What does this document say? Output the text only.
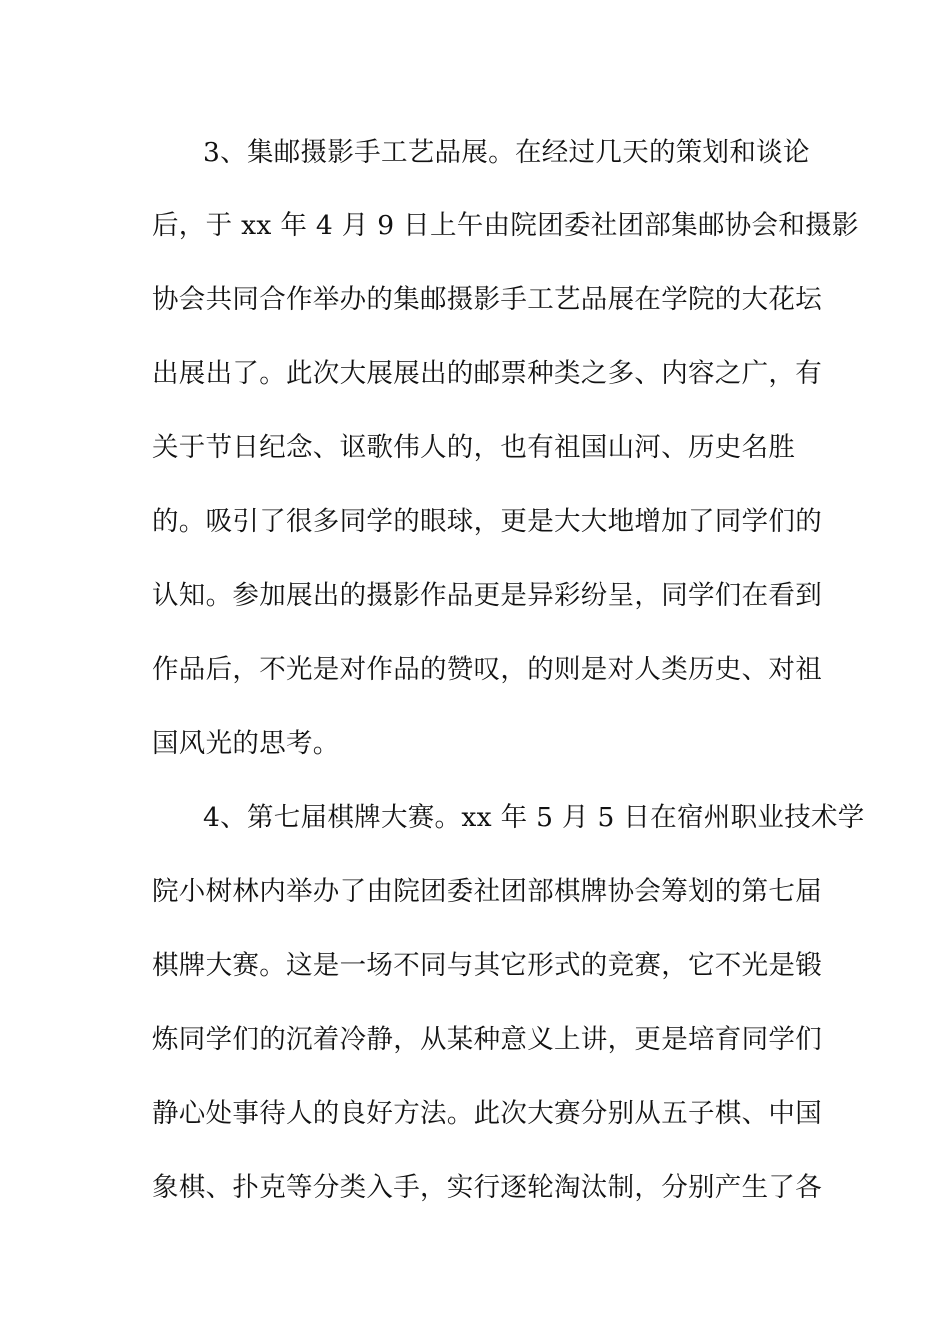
3、集邮摄影手工艺品展。在经过几天的策划和谈论
后，于 xx 年 4 月 9 日上午由院团委社团部集邮协会和摄影
协会共同合作举办的集邮摄影手工艺品展在学院的大花坛
出展出了。此次大展展出的邮票种类之多、内容之广，有
关于节日纪念、讴歌伟人的，也有祖国山河、历史名胜
的。吸引了很多同学的眼球，更是大大地增加了同学们的
认知。参加展出的摄影作品更是异彩纷呈，同学们在看到
作品后，不光是对作品的赞叹，的则是对人类历史、对祖
国风光的思考。
4、第七届棋牌大赛。xx 年 5 月 5 日在宿州职业技术学
院小树林内举办了由院团委社团部棋牌协会筹划的第七届
棋牌大赛。这是一场不同与其它形式的竞赛，它不光是锻
炼同学们的沉着冷静，从某种意义上讲，更是培育同学们
静心处事待人的良好方法。此次大赛分别从五子棋、中国
象棋、扑克等分类入手，实行逐轮淘汰制，分别产生了各
